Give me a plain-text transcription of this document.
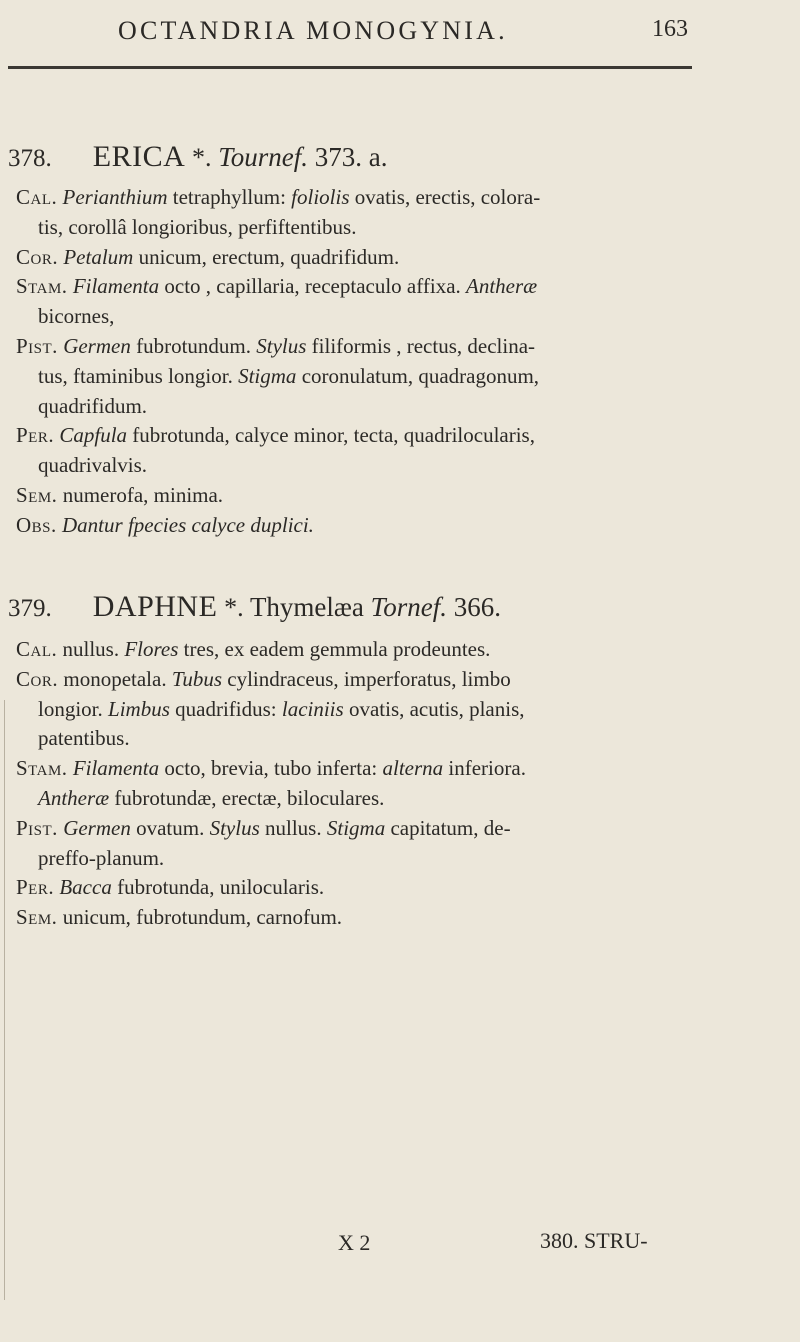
OCTANDRIA MONOGYNIA.	163
378. ERICA *. Tournef. 373. a.
Cal. Perianthium tetraphyllum: foliolis ovatis, erectis, colora-

tis, corollâ longioribus, perfiftentibus.

Cor. Petalum unicum, erectum, quadrifidum.

Stam. Filamenta octo , capillaria, receptaculo affixa. Antheræ

bicornes,

Pist. Germen fubrotundum. Stylus filiformis , rectus, declina-

tus, ftaminibus longior. Stigma coronulatum, quadragonum,

quadrifidum.

Per. Capfula fubrotunda, calyce minor, tecta, quadrilocularis,

quadrivalvis.

Sem. numerofa, minima.

Obs. Dantur fpecies calyce duplici.

379. DAPHNE *. Thymelæa Tornef. 366.
Cal. nullus. Flores tres, ex eadem gemmula prodeuntes.

Cor. monopetala. Tubus cylindraceus, imperforatus, limbo

longior. Limbus quadrifidus: laciniis ovatis, acutis, planis,

patentibus.

Stam. Filamenta octo, brevia, tubo inferta: alterna inferiora.

Antheræ fubrotundæ, erectæ, biloculares.

Pist. Germen ovatum. Stylus nullus. Stigma capitatum, de-

preffo-planum.

Per. Bacca fubrotunda, unilocularis.

Sem. unicum, fubrotundum, carnofum.

X 2	380. STRU-
